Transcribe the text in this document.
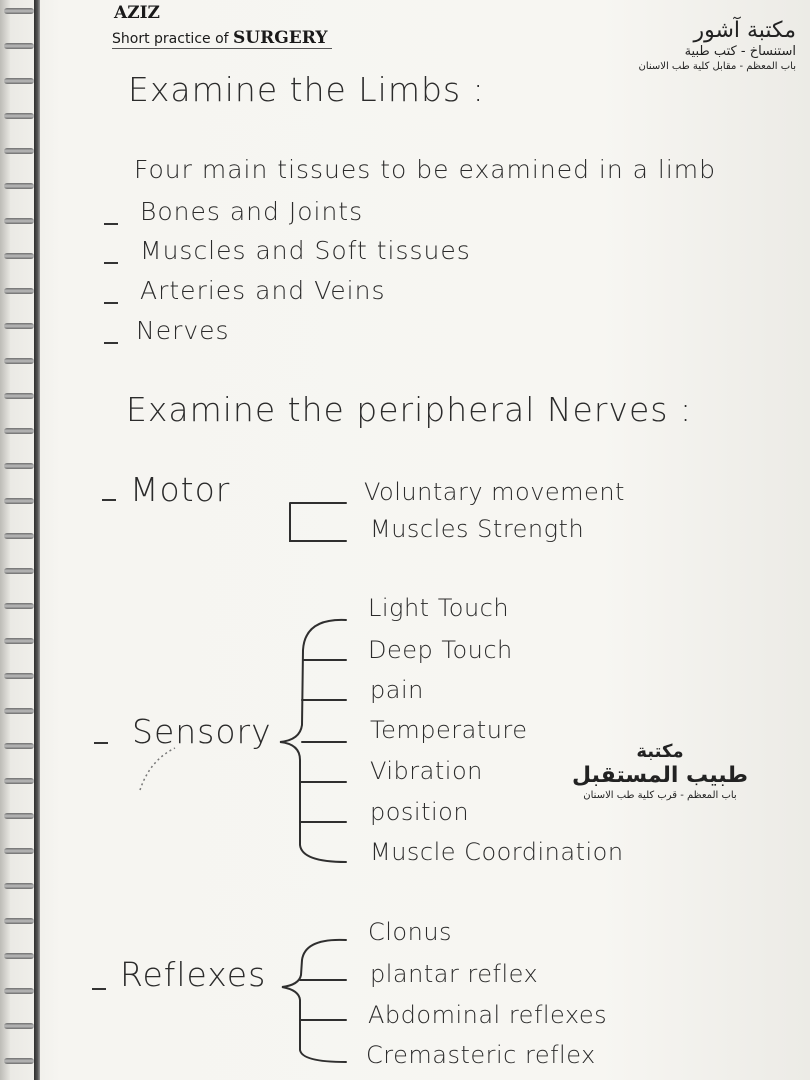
AZIZ
Short practice of SURGERY	مكتبة آشور
استنساخ - كتب طبية
باب المعظم - مقابل كلية طب الاسنان
Examine the Limbs :
Four main tissues to be examined in a limb
Bones and Joints
Muscles and Soft tissues
Arteries and Veins
Nerves
Examine the peripheral Nerves :
Motor	Voluntary movement
Muscles Strength
Sensory
Light Touch
Deep Touch
pain
Temperature
Vibration
position
Muscle Coordination
Reflexes
Clonus
plantar reflex
Abdominal reflexes
Cremasteric reflex
مكتبة
طبيب المستقبل
باب المعظم - قرب كلية طب الاسنان
